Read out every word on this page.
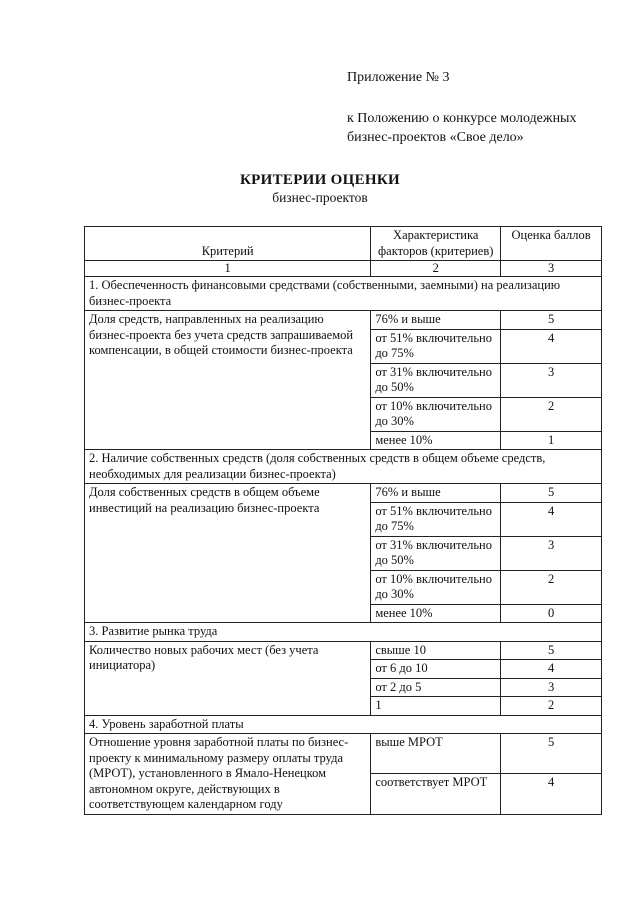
Приложение № 3
к Положению о конкурсе молодежных
бизнес-проектов «Свое дело»
КРИТЕРИИ ОЦЕНКИ
бизнес-проектов
Критерий	Характеристика факторов (критериев)	Оценка баллов
1	2	3
1. Обеспеченность финансовыми средствами (собственными, заемными) на реализацию бизнес-проекта		
Доля средств, направленных на реализацию бизнес-проекта без учета средств запрашиваемой компенсации, в общей стоимости бизнес-проекта	76% и выше	5
	от 51% включительно до 75%	4
	от 31% включительно до 50%	3
	от 10% включительно до 30%	2
	менее 10%	1
2. Наличие собственных средств (доля собственных средств в общем объеме средств, необходимых для реализации бизнес-проекта)		
Доля собственных средств в общем объеме инвестиций на реализацию бизнес-проекта	76% и выше	5
	от 51% включительно до 75%	4
	от 31% включительно до 50%	3
	от 10% включительно до 30%	2
	менее 10%	0
3. Развитие рынка труда		
Количество новых рабочих мест (без учета инициатора)	свыше 10	5
	от 6 до 10	4
	от 2 до 5	3
	1	2
4. Уровень заработной платы		
Отношение уровня заработной платы по бизнес-проекту к минимальному размеру оплаты труда (МРОТ), установленного в Ямало-Ненецком автономном округе, действующих в соответствующем календарном году	выше МРОТ	5
	соответствует МРОТ	4
